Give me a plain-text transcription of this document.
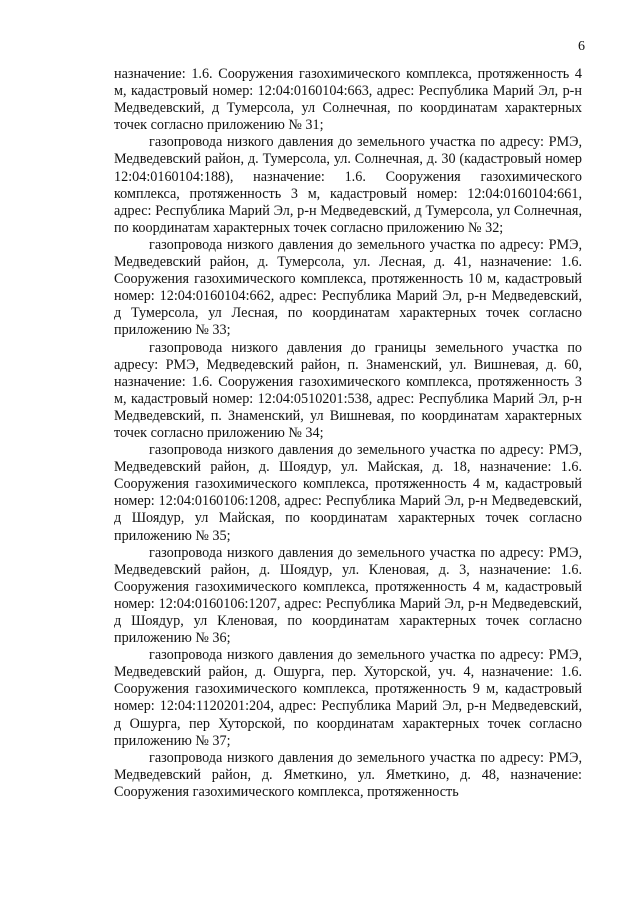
6

назначение: 1.6. Сооружения газохимического комплекса, протяженность 4 м, кадастровый номер: 12:04:0160104:663, адрес: Республика Марий Эл, р-н Медведевский, д Тумерсола, ул Солнечная, по координатам характерных точек согласно приложению № 31;

газопровода низкого давления до земельного участка по адресу: РМЭ, Медведевский район, д. Тумерсола, ул. Солнечная, д. 30 (кадастровый номер 12:04:0160104:188), назначение: 1.6. Сооружения газохимического комплекса, протяженность 3 м, кадастровый номер: 12:04:0160104:661, адрес: Республика Марий Эл, р-н Медведевский, д Тумерсола, ул Солнечная, по координатам характерных точек согласно приложению № 32;

газопровода низкого давления до земельного участка по адресу: РМЭ, Медведевский район, д. Тумерсола, ул. Лесная, д. 41, назначение: 1.6. Сооружения газохимического комплекса, протяженность 10 м, кадастровый номер: 12:04:0160104:662, адрес: Республика Марий Эл, р-н Медведевский, д Тумерсола, ул Лесная, по координатам характерных точек согласно приложению № 33;

газопровода низкого давления до границы земельного участка по адресу: РМЭ, Медведевский район, п. Знаменский, ул. Вишневая, д. 60, назначение: 1.6. Сооружения газохимического комплекса, протяженность 3 м, кадастровый номер: 12:04:0510201:538, адрес: Республика Марий Эл, р-н Медведевский, п. Знаменский, ул Вишневая, по координатам характерных точек согласно приложению № 34;

газопровода низкого давления до земельного участка по адресу: РМЭ, Медведевский район, д. Шоядур, ул. Майская, д. 18, назначение: 1.6. Сооружения газохимического комплекса, протяженность 4 м, кадастровый номер: 12:04:0160106:1208, адрес: Республика Марий Эл, р-н Медведевский, д Шоядур, ул Майская, по координатам характерных точек согласно приложению № 35;

газопровода низкого давления до земельного участка по адресу: РМЭ, Медведевский район, д. Шоядур, ул. Кленовая, д. 3, назначение: 1.6. Сооружения газохимического комплекса, протяженность 4 м, кадастровый номер: 12:04:0160106:1207, адрес: Республика Марий Эл, р-н Медведевский, д Шоядур, ул Кленовая, по координатам характерных точек согласно приложению № 36;

газопровода низкого давления до земельного участка по адресу: РМЭ, Медведевский район, д. Ошурга, пер. Хуторской, уч. 4, назначение: 1.6. Сооружения газохимического комплекса, протяженность 9 м, кадастровый номер: 12:04:1120201:204, адрес: Республика Марий Эл, р-н Медведевский, д Ошурга, пер Хуторской, по координатам характерных точек согласно приложению № 37;

газопровода низкого давления до земельного участка по адресу: РМЭ, Медведевский район, д. Яметкино, ул. Яметкино, д. 48, назначение: Сооружения газохимического комплекса, протяженность
